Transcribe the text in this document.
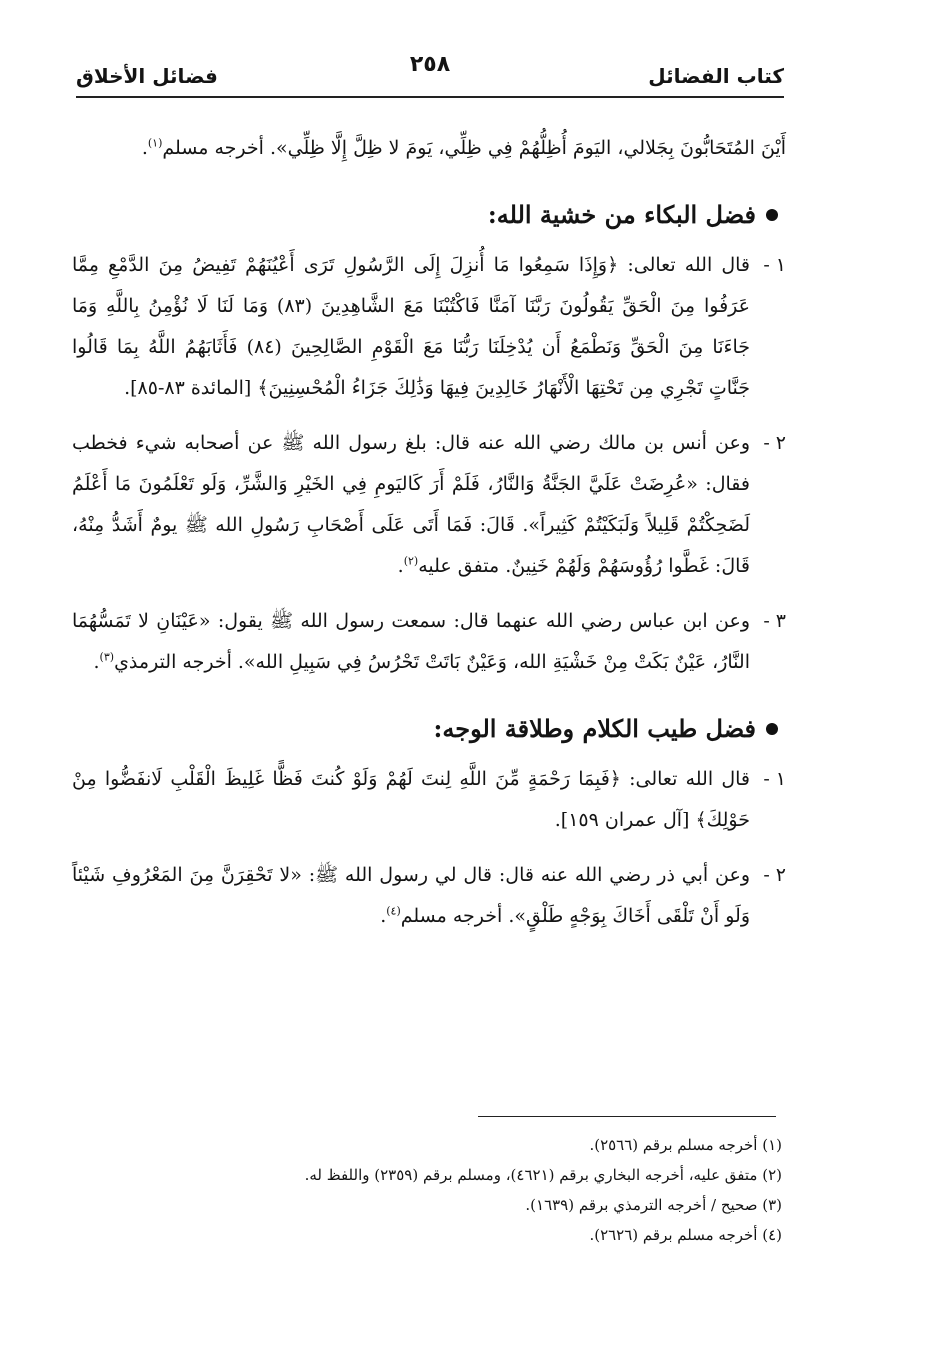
كتاب الفضائل
٢٥٨
فضائل الأخلاق

أَيْنَ المُتَحَابُّونَ بِجَلالي، اليَومَ أُظِلُّهُمْ فِي ظِلِّي، يَومَ لا ظِلَّ إِلَّا ظِلِّي». أخرجه مسلم$^{(١)}$.

فضل البكاء من خشية الله:

١ -قال الله تعالى: ﴿وَإِذَا سَمِعُوا مَا أُنزِلَ إِلَى الرَّسُولِ تَرَى أَعْيُنَهُمْ تَفِيضُ مِنَ الدَّمْعِ مِمَّا عَرَفُوا مِنَ الْحَقِّ يَقُولُونَ رَبَّنَا آمَنَّا فَاكْتُبْنَا مَعَ الشَّاهِدِينَ (٨٣) وَمَا لَنَا لَا نُؤْمِنُ بِاللَّهِ وَمَا جَاءَنَا مِنَ الْحَقِّ وَنَطْمَعُ أَن يُدْخِلَنَا رَبُّنَا مَعَ الْقَوْمِ الصَّالِحِينَ (٨٤) فَأَثَابَهُمُ اللَّهُ بِمَا قَالُوا جَنَّاتٍ تَجْرِي مِن تَحْتِهَا الْأَنْهَارُ خَالِدِينَ فِيهَا وَذَٰلِكَ جَزَاءُ الْمُحْسِنِينَ﴾ [المائدة ٨٣-٨٥].

٢ -وعن أنس بن مالك رضي الله عنه قال: بلغ رسول الله ﷺ عن أصحابه شيء فخطب فقال: «عُرِضَتْ عَلَيَّ الجَنَّةُ وَالنَّارُ، فَلَمْ أَرَ كَاليَومِ فِي الخَيْرِ وَالشَّرِّ، وَلَو تَعْلَمُونَ مَا أَعْلَمُ لَضَحِكْتُمْ قَلِيلاً وَلَبَكَيْتُمْ كَثِيراً». قَالَ: فَمَا أَتَى عَلَى أَصْحَابِ رَسُولِ الله ﷺ يومٌ أَشَدُّ مِنْهُ، قَالَ: غَطَّوا رُؤُوسَهُمْ وَلَهُمْ خَنِينٌ. متفق عليه$^{(٢)}$.

٣ -وعن ابن عباس رضي الله عنهما قال: سمعت رسول الله ﷺ يقول: «عَيْنَانِ لا تَمَسُّهُمَا النَّارُ، عَيْنٌ بَكَتْ مِنْ خَشْيَةِ الله، وَعَيْنٌ بَاتَتْ تَحْرُسُ فِي سَبِيلِ الله». أخرجه الترمذي$^{(٣)}$.

فضل طيب الكلام وطلاقة الوجه:

١ -قال الله تعالى: ﴿فَبِمَا رَحْمَةٍ مِّنَ اللَّهِ لِنتَ لَهُمْ وَلَوْ كُنتَ فَظًّا غَلِيظَ الْقَلْبِ لَانفَضُّوا مِنْ حَوْلِكَ﴾ [آل عمران ١٥٩].

٢ -وعن أبي ذر رضي الله عنه قال: قال لي رسول الله ﷺ: «لا تَحْقِرَنَّ مِنَ المَعْرُوفِ شَيْئاً وَلَو أَنْ تَلْقَى أَخَاكَ بِوَجْهٍ طَلْقٍ». أخرجه مسلم$^{(٤)}$.

(١) أخرجه مسلم برقم (٢٥٦٦).

(٢) متفق عليه، أخرجه البخاري برقم (٤٦٢١)، ومسلم برقم (٢٣٥٩) واللفظ له.

(٣) صحيح / أخرجه الترمذي برقم (١٦٣٩).

(٤) أخرجه مسلم برقم (٢٦٢٦).
